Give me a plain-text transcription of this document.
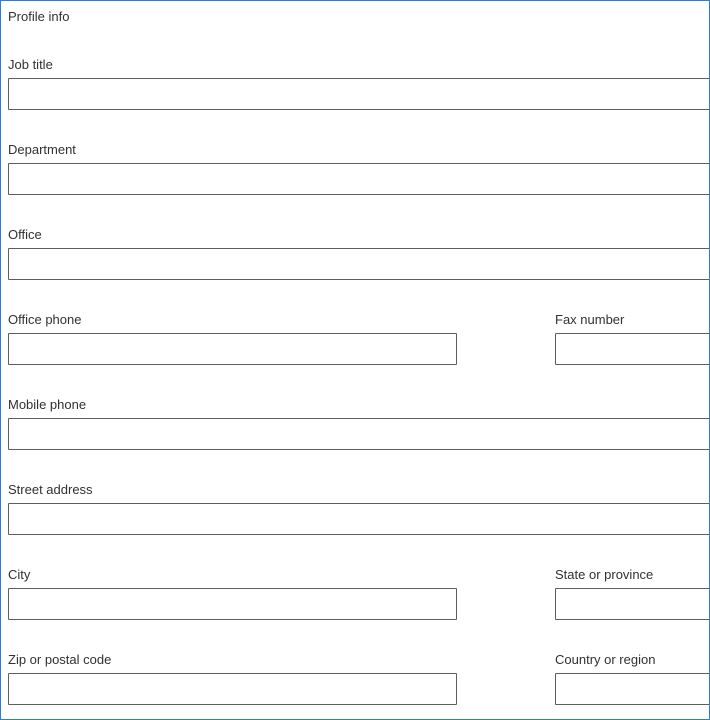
Profile info
Job title
Department
Office
Office phone	Fax number
Mobile phone
Street address
City	State or province
Zip or postal code	Country or region
